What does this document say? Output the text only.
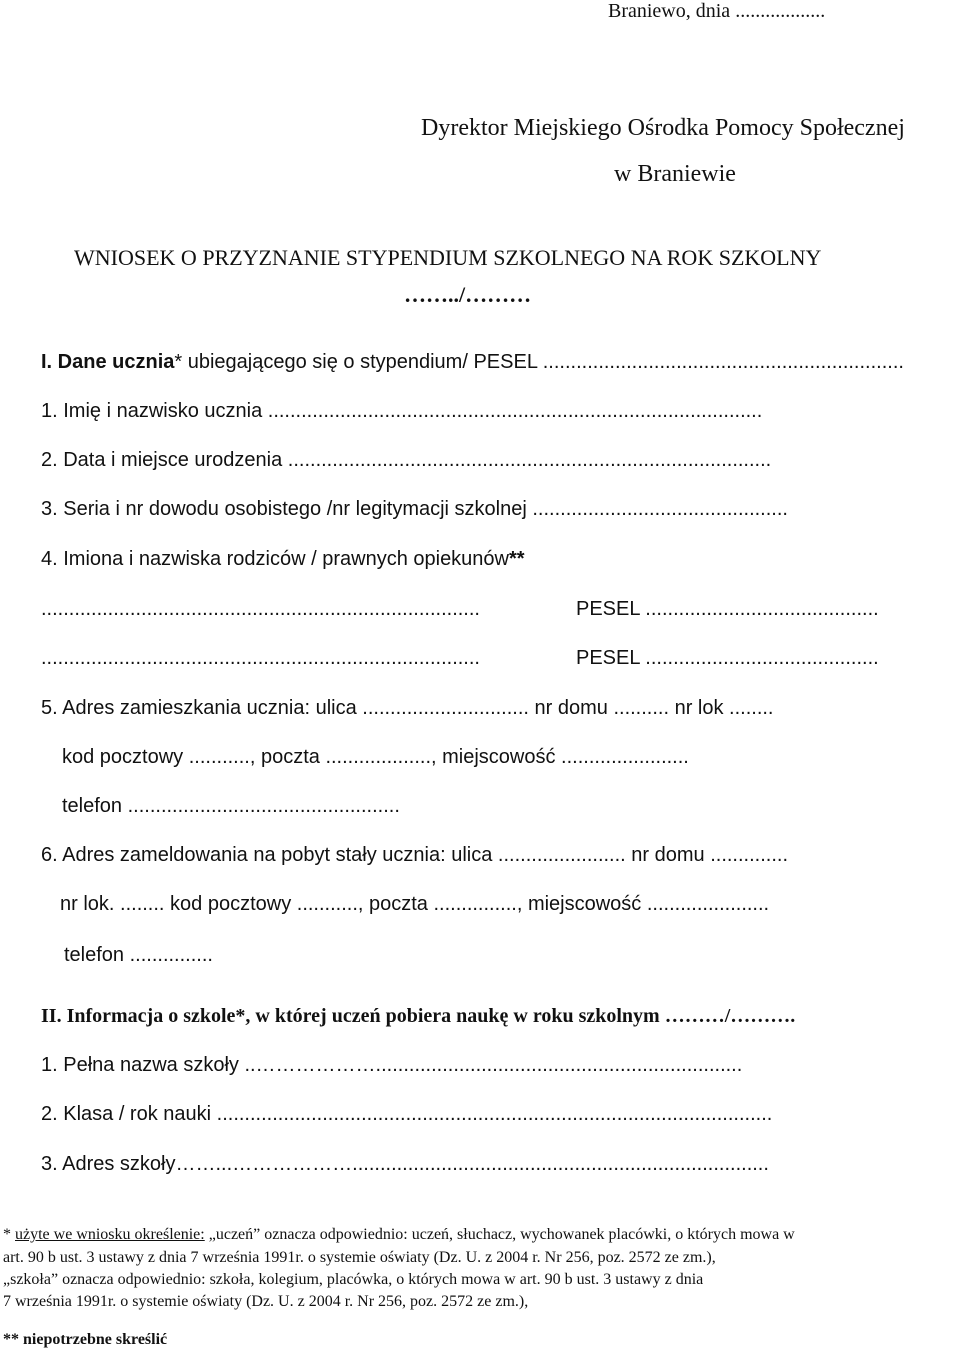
Braniewo, dnia ..................
Dyrektor Miejskiego Ośrodka Pomocy Społecznej
w Braniewie
WNIOSEK O PRZYZNANIE STYPENDIUM SZKOLNEGO NA ROK SZKOLNY
……../………
I. Dane ucznia* ubiegającego się o stypendium/ PESEL .................................................................
1. Imię i nazwisko ucznia .........................................................................................
2. Data i miejsce urodzenia .......................................................................................
3. Seria i nr dowodu osobistego /nr legitymacji szkolnej ..............................................
4. Imiona i nazwiska rodziców / prawnych opiekunów**
...............................................................................	PESEL ..........................................
...............................................................................	PESEL ..........................................
5. Adres zamieszkania ucznia: ulica .............................. nr domu .......... nr lok ........
kod pocztowy ..........., poczta ..................., miejscowość .......................
telefon .................................................
6. Adres zameldowania na pobyt stały ucznia: ulica ....................... nr domu ..............
nr lok. ........ kod pocztowy ..........., poczta ..............., miejscowość ......................
telefon ...............
II. Informacja o szkole*, w której uczeń pobiera naukę w roku szkolnym ………/……….
1. Pełna nazwa szkoły ..………………..................................................................
2. Klasa / rok nauki ....................................................................................................
3. Adres szkoły……...………………...........................................................................
* użyte we wniosku określenie: „uczeń” oznacza odpowiednio: uczeń, słuchacz, wychowanek placówki, o których mowa w
art. 90 b ust. 3 ustawy z dnia 7 września 1991r. o systemie oświaty (Dz. U. z 2004 r. Nr 256, poz. 2572 ze zm.),
„szkoła” oznacza odpowiednio: szkoła, kolegium, placówka, o których mowa w art. 90 b ust. 3 ustawy z dnia
7 września 1991r. o systemie oświaty (Dz. U. z 2004 r. Nr 256, poz. 2572 ze zm.),
** niepotrzebne skreślić
